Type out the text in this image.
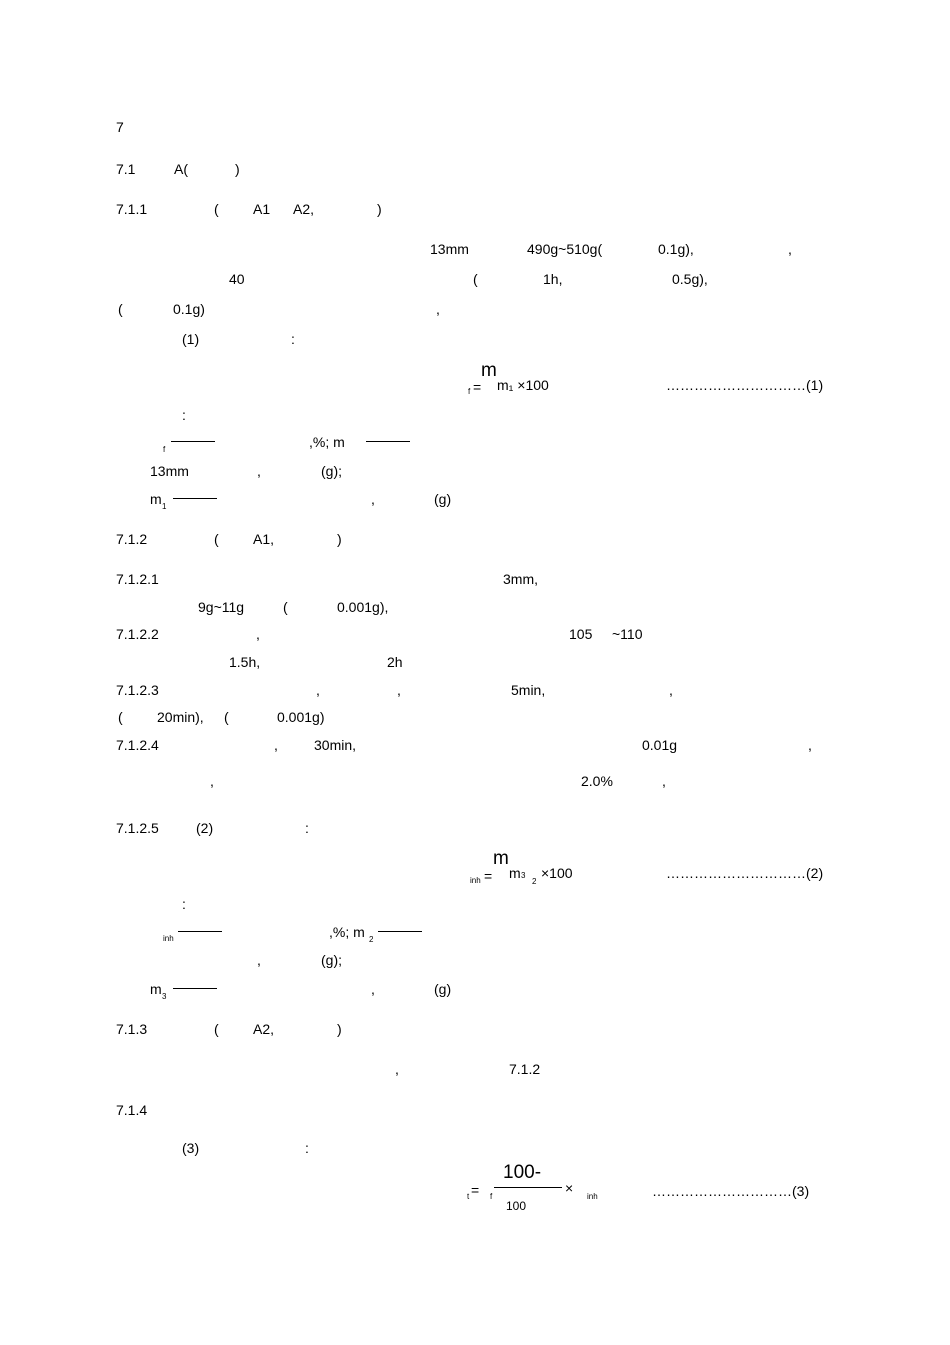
7
7.1	A(	)
7.1.1	( A1 A2,	)
13mm	490g~510g(	0.1g),	,
40	(	1h,	0.5g),
(	0.1g)	,
(1)	:
m
f = m₁ ×100	…………………………(1)
:
f	,%; m
13mm	,	(g);
m 1	,	(g)
7.1.2	( A1,	)
7.1.2.1	3mm,
9g~11g	(	0.001g),
7.1.2.2	,	105 ~110
1.5h,	2h
7.1.2.3	,	,	5min,	,
( 20min), (	0.001g)
7.1.2.4	,	30min,	0.01g	,
,	2.0%	,
7.1.2.5	(2)	:
m
inh = m 3
2
×100	…………………………(2)
:
inh	,%; m 2
,	(g);
m 3	,	(g)
7.1.3	( A2,	)
,	7.1.2
7.1.4
(3)	:
t = f
100-
×
inh
100
…………………………(3)
